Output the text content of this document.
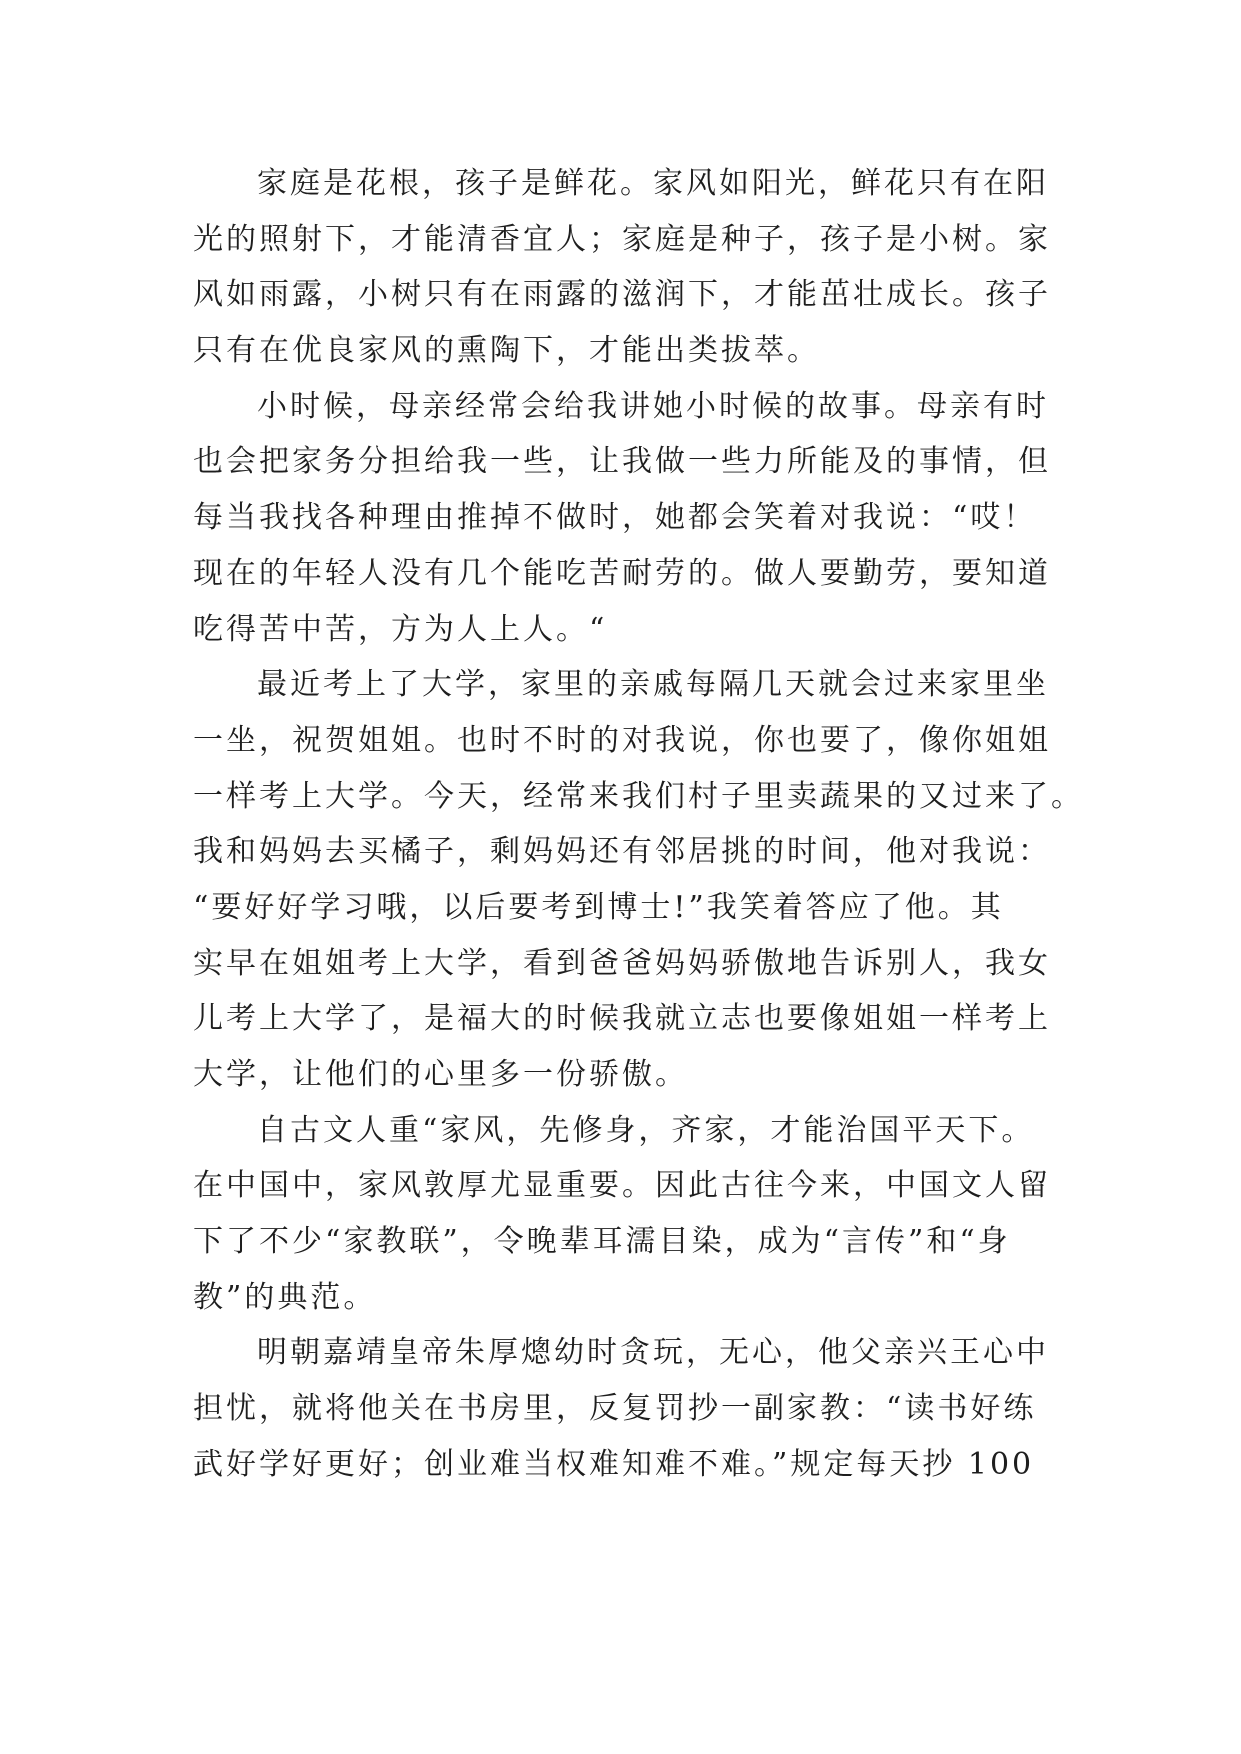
家庭是花根，孩子是鲜花。家风如阳光，鲜花只有在阳
光的照射下，才能清香宜人；家庭是种子，孩子是小树。家
风如雨露，小树只有在雨露的滋润下，才能茁壮成长。孩子
只有在优良家风的熏陶下，才能出类拔萃。
小时候，母亲经常会给我讲她小时候的故事。母亲有时
也会把家务分担给我一些，让我做一些力所能及的事情，但
每当我找各种理由推掉不做时，她都会笑着对我说：“哎！
现在的年轻人没有几个能吃苦耐劳的。做人要勤劳，要知道
吃得苦中苦，方为人上人。“
最近考上了大学，家里的亲戚每隔几天就会过来家里坐
一坐，祝贺姐姐。也时不时的对我说，你也要了，像你姐姐
一样考上大学。今天，经常来我们村子里卖蔬果的又过来了。
我和妈妈去买橘子，剩妈妈还有邻居挑的时间，他对我说：
“要好好学习哦，以后要考到博士!”我笑着答应了他。其
实早在姐姐考上大学，看到爸爸妈妈骄傲地告诉别人，我女
儿考上大学了，是福大的时候我就立志也要像姐姐一样考上
大学，让他们的心里多一份骄傲。
自古文人重“家风，先修身，齐家，才能治国平天下。
在中国中，家风敦厚尤显重要。因此古往今来，中国文人留
下了不少“家教联”，令晚辈耳濡目染，成为“言传”和“身
教”的典范。
明朝嘉靖皇帝朱厚熜幼时贪玩，无心，他父亲兴王心中
担忧，就将他关在书房里，反复罚抄一副家教：“读书好练
武好学好更好；创业难当权难知难不难。”规定每天抄 100
